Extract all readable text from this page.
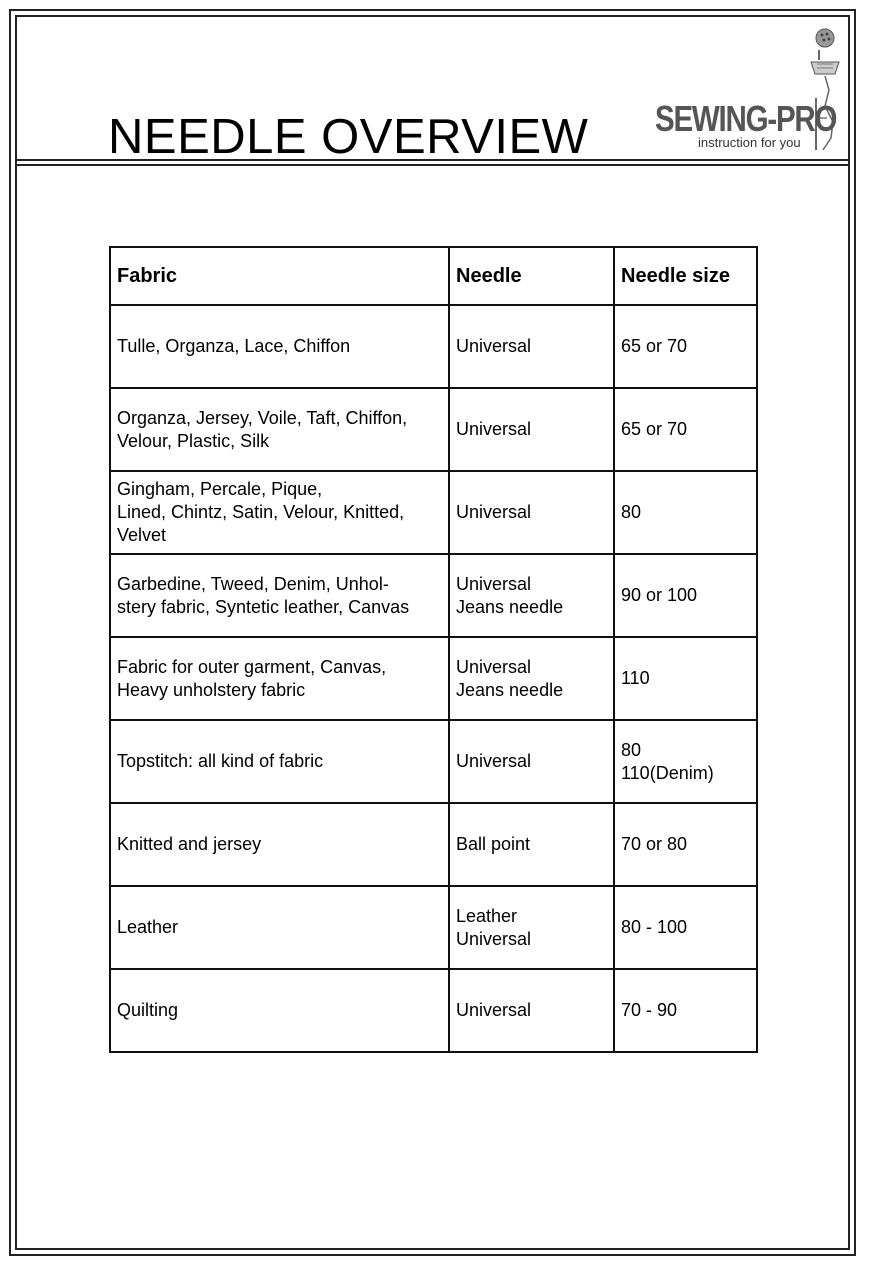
NEEDLE OVERVIEW SEWING-PRO
instruction for you
Fabric	Needle	Needle size
Tulle, Organza, Lace, Chiffon	Universal	65 or 70
Organza, Jersey, Voile, Taft, Chiffon,
Velour, Plastic, Silk	Universal	65 or 70
Gingham, Percale, Pique,
Lined, Chintz, Satin, Velour, Knitted,
Velvet	Universal	80
Garbedine, Tweed, Denim, Unhol-
stery fabric, Syntetic leather, Canvas	Universal
Jeans needle	90 or 100
Fabric for outer garment, Canvas,
Heavy unholstery fabric	Universal
Jeans needle	110
Topstitch: all kind of fabric	Universal	80
110(Denim)
Knitted and jersey	Ball point	70 or 80
Leather	Leather
Universal	80 - 100
Quilting	Universal	70 - 90
